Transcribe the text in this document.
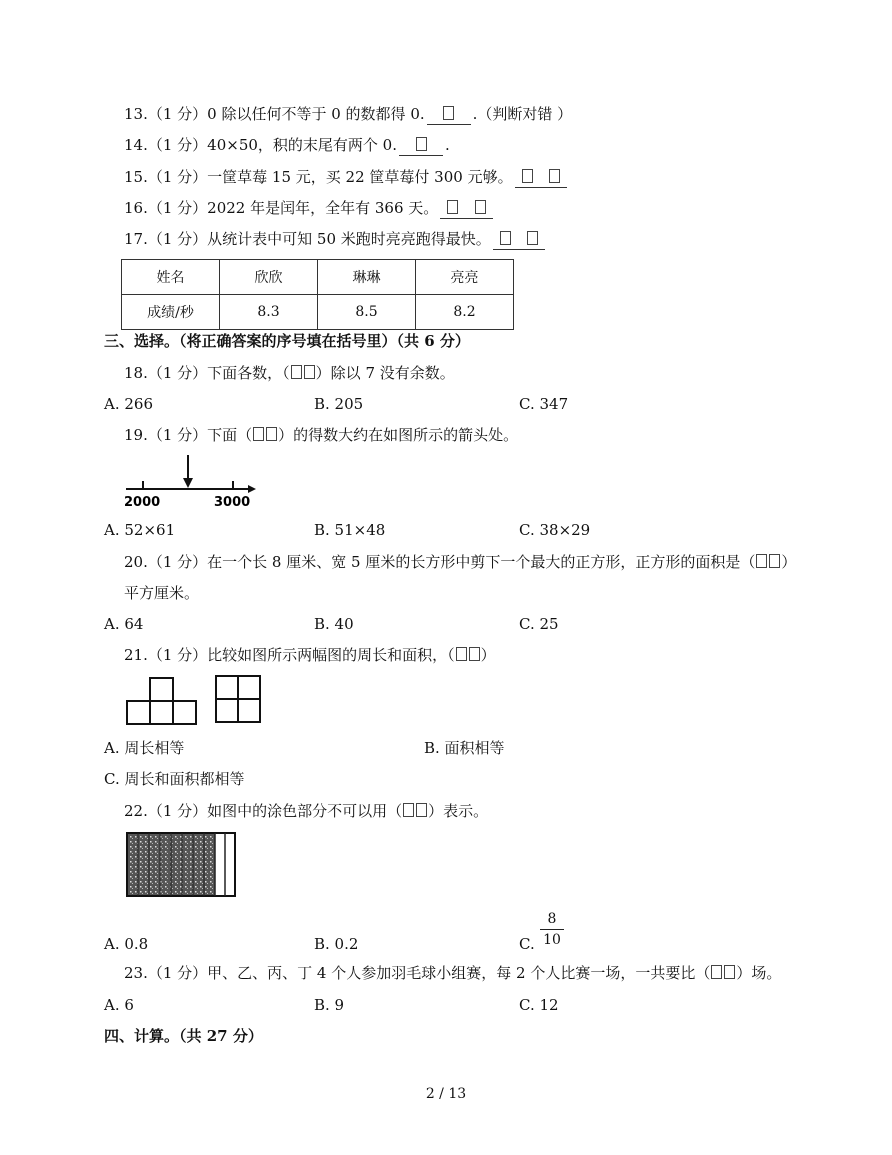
13.（1 分）0 除以任何不等于 0 的数都得 0.	.（判断对错 ）
14.（1 分）40×50，积的末尾有两个 0.	.
15.（1 分）一筐草莓 15 元，买 22 筐草莓付 300 元够。
16.（1 分）2022 年是闰年，全年有 366 天。
17.（1 分）从统计表中可知 50 米跑时亮亮跑得最快。
姓名	欣欣	琳琳	亮亮
成绩/秒	8.3	8.5	8.2
三、选择。（将正确答案的序号填在括号里）（共 6 分）
18.（1 分）下面各数，（ ）除以 7 没有余数。
A. 266	B. 205	C. 347
19.（1 分）下面（ ）的得数大约在如图所示的箭头处。
2000	3000
A. 52×61	B. 51×48	C. 38×29
20.（1 分）在一个长 8 厘米、宽 5 厘米的长方形中剪下一个最大的正方形，正方形的面积是（ ）
平方厘米。
A. 64	B. 40	C. 25
21.（1 分）比较如图所示两幅图的周长和面积，（ ）
A. 周长相等	B. 面积相等
C. 周长和面积都相等
22.（1 分）如图中的涂色部分不可以用（ ）表示。
A. 0.8	B. 0.2	C.
8
10
23.（1 分）甲、乙、丙、丁 4 个人参加羽毛球小组赛，每 2 个人比赛一场，一共要比（ ）场。
A. 6	B. 9	C. 12
四、计算。（共 27 分）
2 / 13
